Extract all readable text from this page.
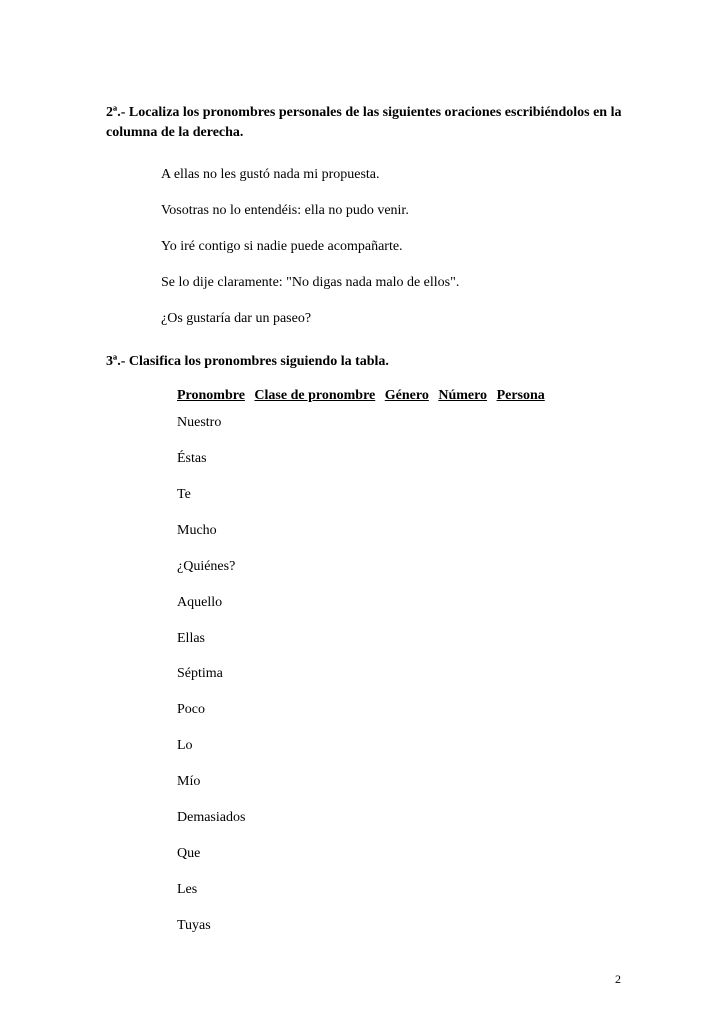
2ª.- Localiza los pronombres personales de las siguientes oraciones escribiéndolos en la columna de la derecha.

A ellas no les gustó nada mi propuesta.
Vosotras no lo entendéis: ella no pudo venir.
Yo iré contigo si nadie puede acompañarte.
Se lo dije claramente: "No digas nada malo de ellos".
¿Os gustaría dar un paseo?

3ª.- Clasifica los pronombres siguiendo la tabla.

Pronombre Clase de pronombre Género Número Persona
Nuestro
Éstas
Te
Mucho
¿Quiénes?
Aquello
Ellas
Séptima
Poco
Lo
Mío
Demasiados
Que
Les
Tuyas
2
